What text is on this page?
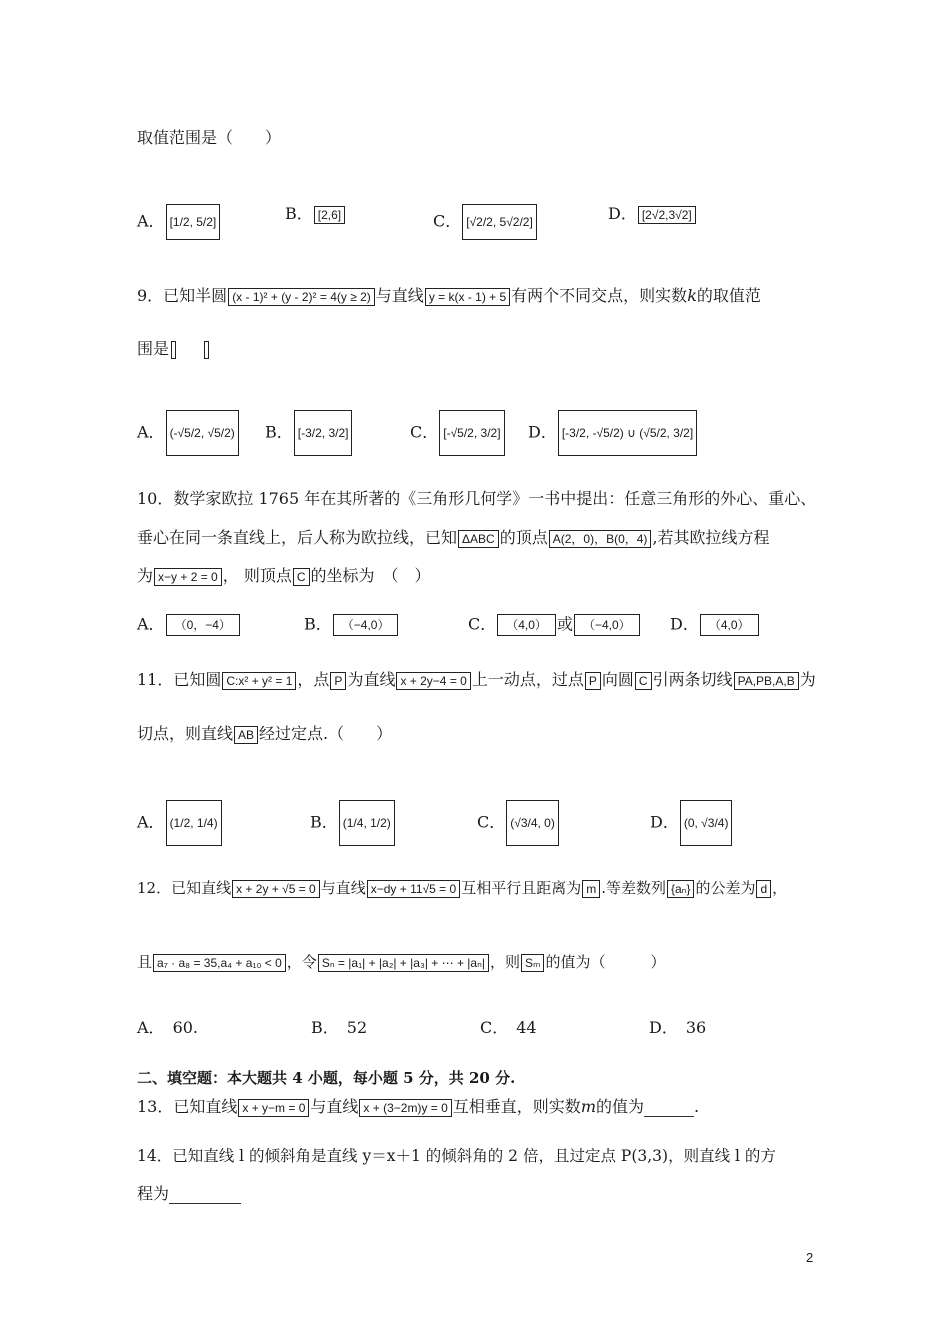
取值范围是（　　）
A． [1/2, 5/2]	B． [2,6]	C． [√2/2, 5√2/2]	D． [2√2,3√2]
9．已知半圆 (x - 1)² + (y - 2)² = 4(y ≥ 2) 与直线 y = k(x - 1) + 5 有两个不同交点，则实数k的取值范
围是
A． (-√5/2, √5/2)	B． [-3/2, 3/2]	C． [-√5/2, 3/2]	D． [-3/2, -√5/2) ∪ (√5/2, 3/2]
10．数学家欧拉 1765 年在其所著的《三角形几何学》一书中提出：任意三角形的外心、重心、
垂心在同一条直线上，后人称为欧拉线，已知 ΔABC 的顶点 A(2，0)，B(0，4) ,若其欧拉线方程
为 x−y + 2 = 0 ， 则顶点 C 的坐标为　（　）
A． （0，−4）	B． （−4,0）	C． （4,0） 或 （−4,0）	D． （4,0）
11．已知圆 C:x² + y² = 1 ，点 P 为直线 x + 2y−4 = 0 上一动点，过点 P 向圆 C 引两条切线 PA,PB,A,B 为
切点，则直线 AB 经过定点.（　　）
A． (1/2, 1/4)	B． (1/4, 1/2)	C． (√3/4, 0)	D． (0, √3/4)
12．已知直线 x + 2y + √5 = 0 与直线 x−dy + 11√5 = 0 互相平行且距离为 m .等差数列 {aₙ} 的公差为 d ，
且 a₇ · a₈ = 35,a₄ + a₁₀ < 0 ，令 Sₙ = |a₁| + |a₂| + |a₃| + ⋯ + |aₙ| ，则 Sₘ 的值为（　　　）
A． 60.	B． 52	C． 44	D． 36
二、填空题：本大题共 4 小题，每小题 5 分，共 20 分.
13．已知直线 x + y−m = 0 与直线 x + (3−2m)y = 0 互相垂直，则实数m的值为	.
14．已知直线 l 的倾斜角是直线 y＝x＋1 的倾斜角的 2 倍，且过定点 P(3,3)，则直线 l 的方
程为
2
